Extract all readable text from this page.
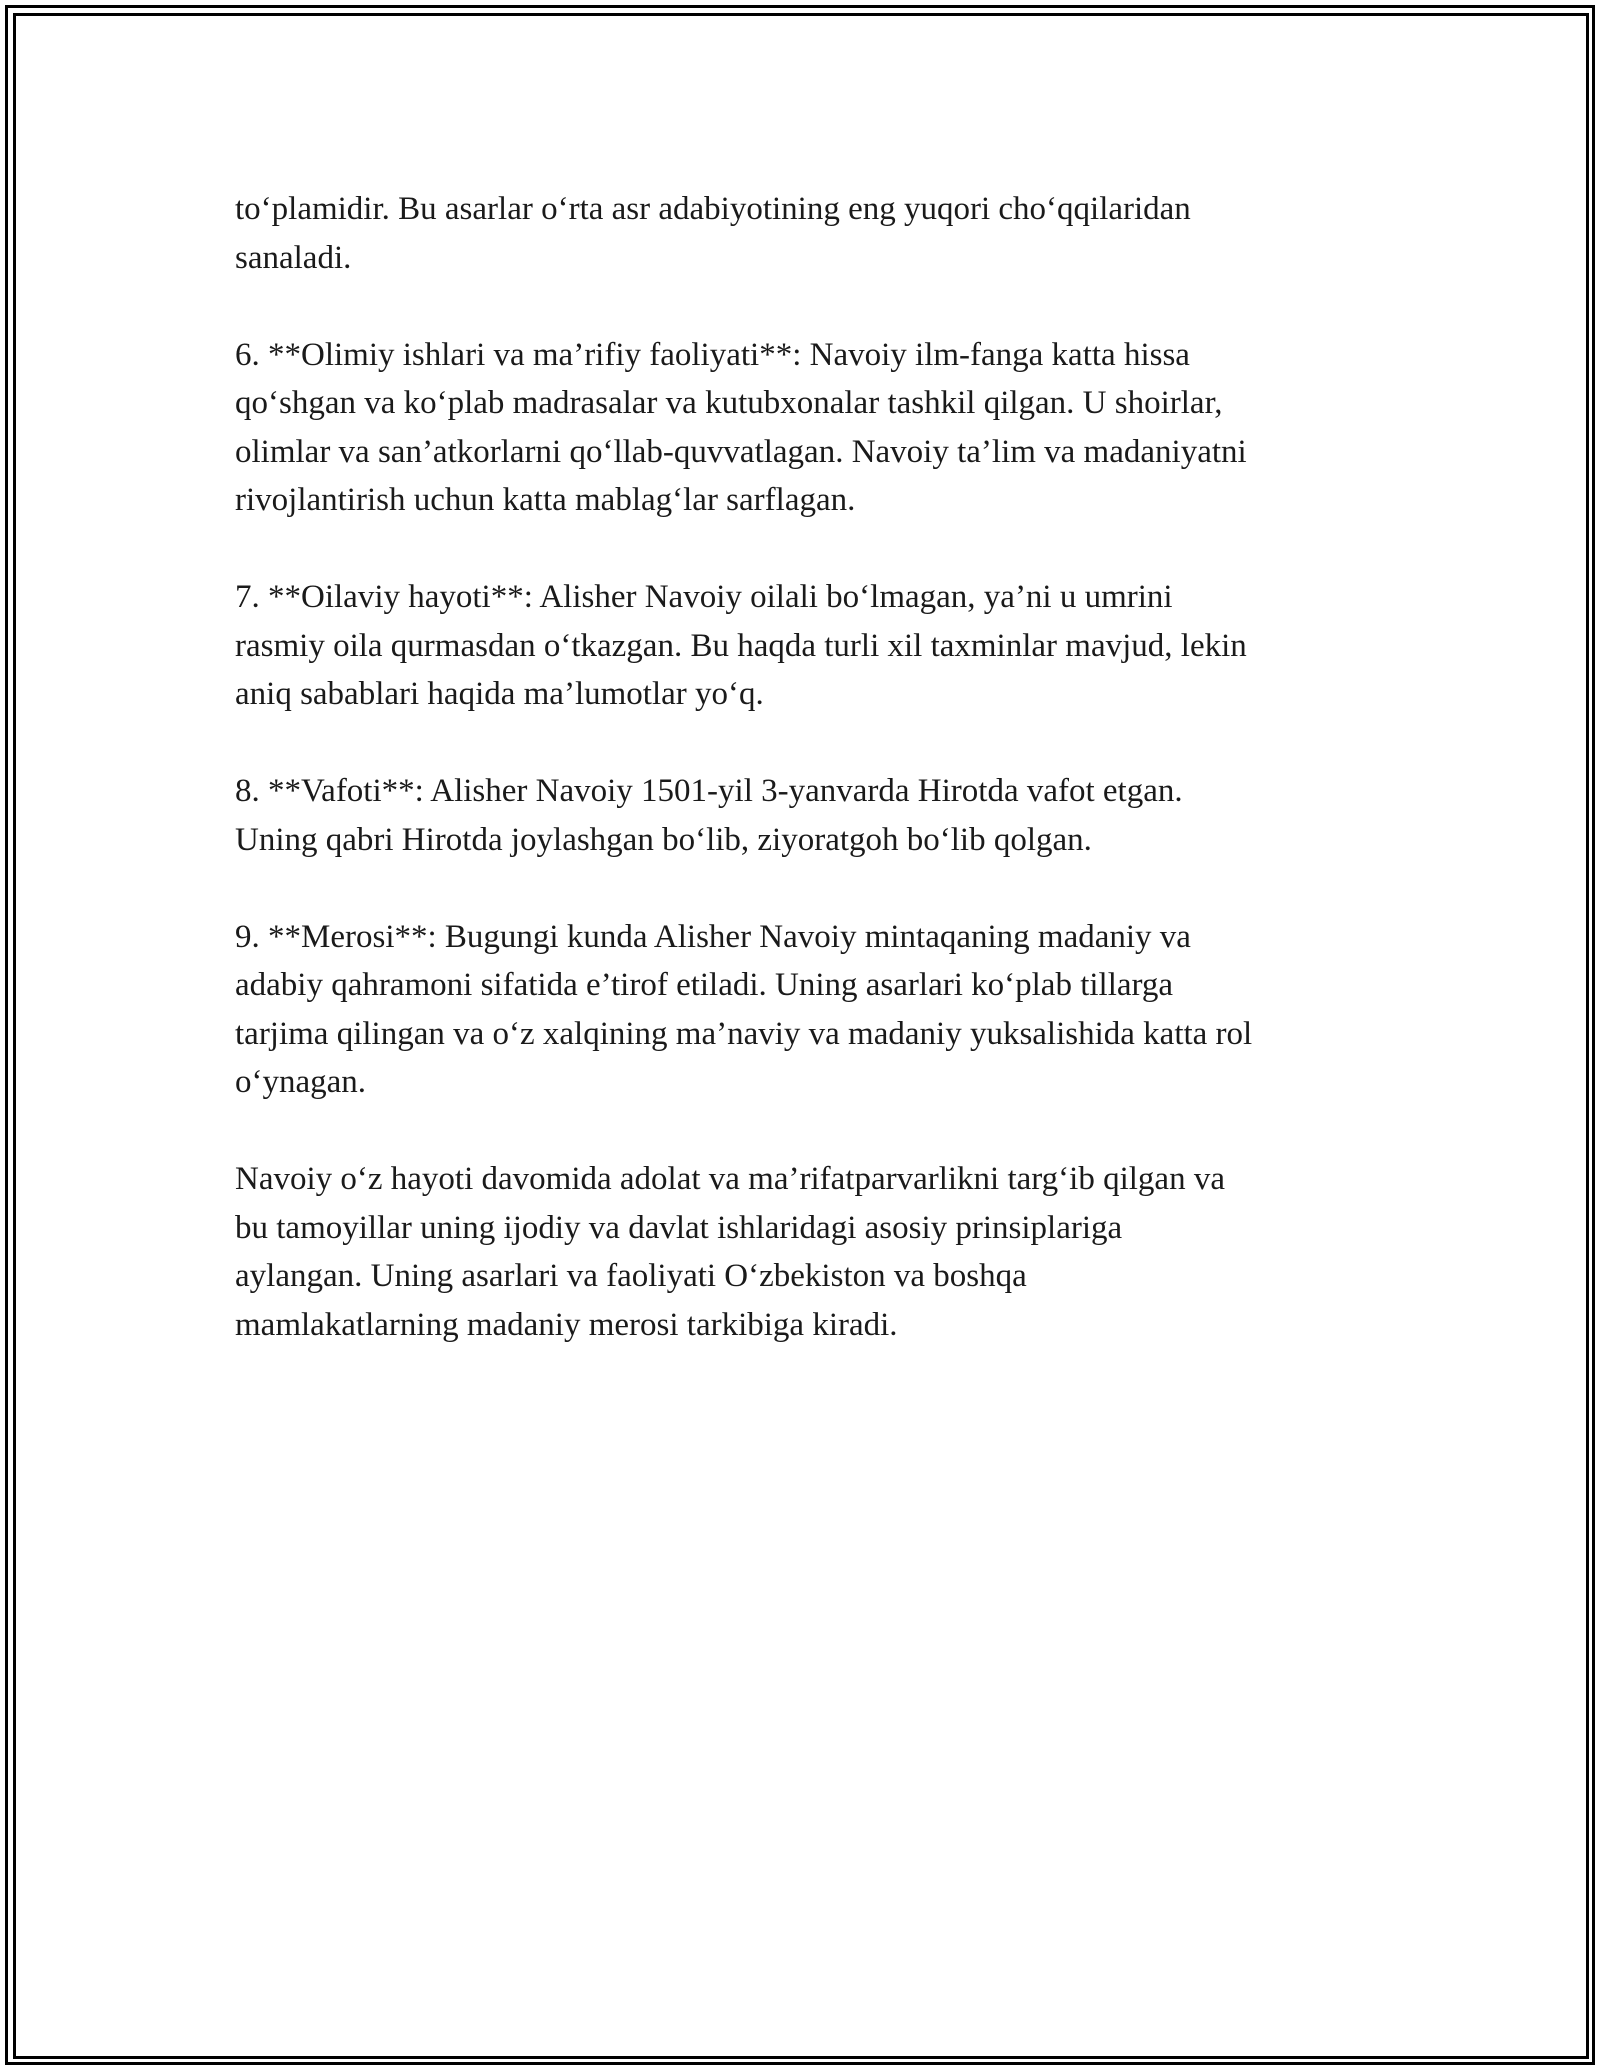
to‘plamidir. Bu asarlar o‘rta asr adabiyotining eng yuqori cho‘qqilaridan
sanaladi.

6. **Olimiy ishlari va ma’rifiy faoliyati**: Navoiy ilm-fanga katta hissa
qo‘shgan va ko‘plab madrasalar va kutubxonalar tashkil qilgan. U shoirlar,
olimlar va san’atkorlarni qo‘llab-quvvatlagan. Navoiy ta’lim va madaniyatni
rivojlantirish uchun katta mablag‘lar sarflagan.

7. **Oilaviy hayoti**: Alisher Navoiy oilali bo‘lmagan, ya’ni u umrini
rasmiy oila qurmasdan o‘tkazgan. Bu haqda turli xil taxminlar mavjud, lekin
aniq sabablari haqida ma’lumotlar yo‘q.

8. **Vafoti**: Alisher Navoiy 1501-yil 3-yanvarda Hirotda vafot etgan.
Uning qabri Hirotda joylashgan bo‘lib, ziyoratgoh bo‘lib qolgan.

9. **Merosi**: Bugungi kunda Alisher Navoiy mintaqaning madaniy va
adabiy qahramoni sifatida e’tirof etiladi. Uning asarlari ko‘plab tillarga
tarjima qilingan va o‘z xalqining ma’naviy va madaniy yuksalishida katta rol
o‘ynagan.

Navoiy o‘z hayoti davomida adolat va ma’rifatparvarlikni targ‘ib qilgan va
bu tamoyillar uning ijodiy va davlat ishlaridagi asosiy prinsiplariga
aylangan. Uning asarlari va faoliyati O‘zbekiston va boshqa
mamlakatlarning madaniy merosi tarkibiga kiradi.
